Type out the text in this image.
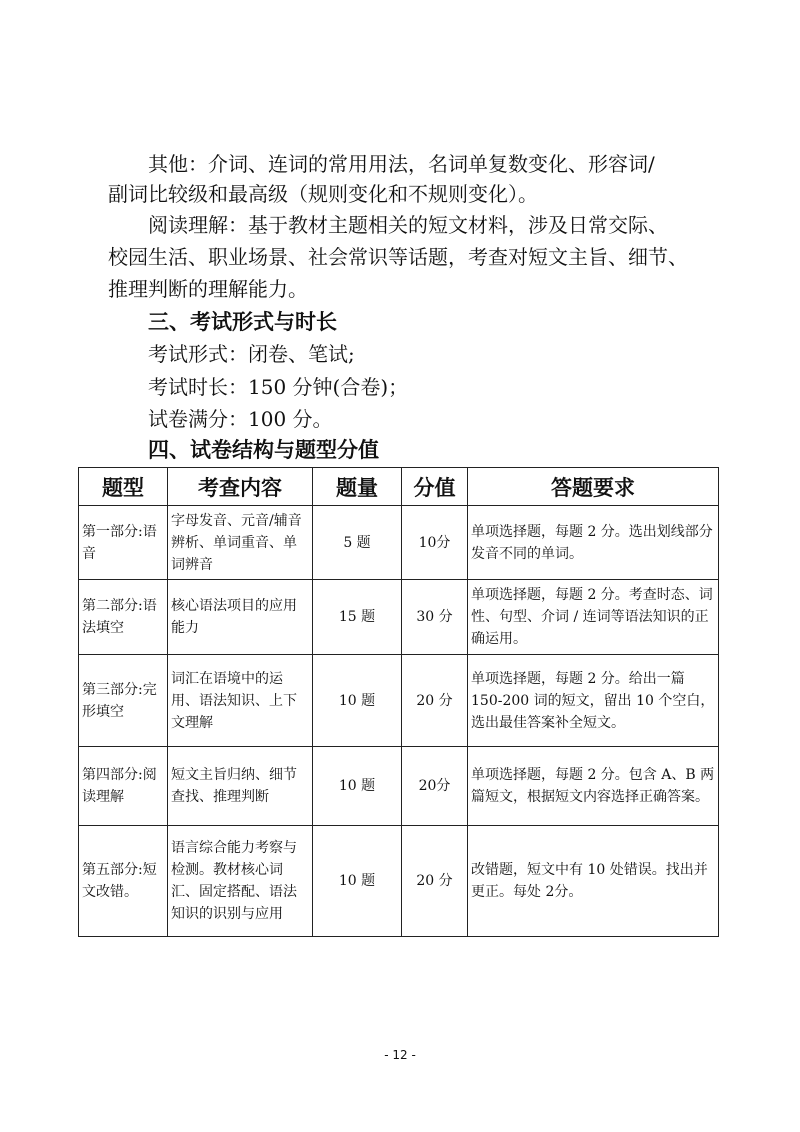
其他：介词、连词的常用用法，名词单复数变化、形容词/
副词比较级和最高级（规则变化和不规则变化）。
阅读理解：基于教材主题相关的短文材料，涉及日常交际、
校园生活、职业场景、社会常识等话题，考查对短文主旨、细节、
推理判断的理解能力。
三、考试形式与时长
考试形式：闭卷、笔试;
考试时长：150 分钟(合卷)；
试卷满分：100 分。
四、试卷结构与题型分值
题型	考查内容	题量	分值	答题要求
第一部分:语音	字母发音、元音/辅音辨析、单词重音、单词辨音	5 题	10分	单项选择题，每题 2 分。选出划线部分发音不同的单词。
第二部分:语法填空	核心语法项目的应用能力	15 题	30 分	单项选择题，每题 2 分。考查时态、词性、句型、介词 / 连词等语法知识的正确运用。
第三部分:完形填空	词汇在语境中的运用、语法知识、上下文理解	10 题	20 分	单项选择题，每题 2 分。给出一篇 150-200 词的短文，留出 10 个空白，选出最佳答案补全短文。
第四部分:阅读理解	短文主旨归纳、细节查找、推理判断	10 题	20分	单项选择题，每题 2 分。包含 A、B 两篇短文，根据短文内容选择正确答案。
第五部分:短文改错。	语言综合能力考察与检测。教材核心词汇、固定搭配、语法知识的识别与应用	10 题	20 分	改错题，短文中有 10 处错误。找出并更正。每处 2分。
- 12 -
